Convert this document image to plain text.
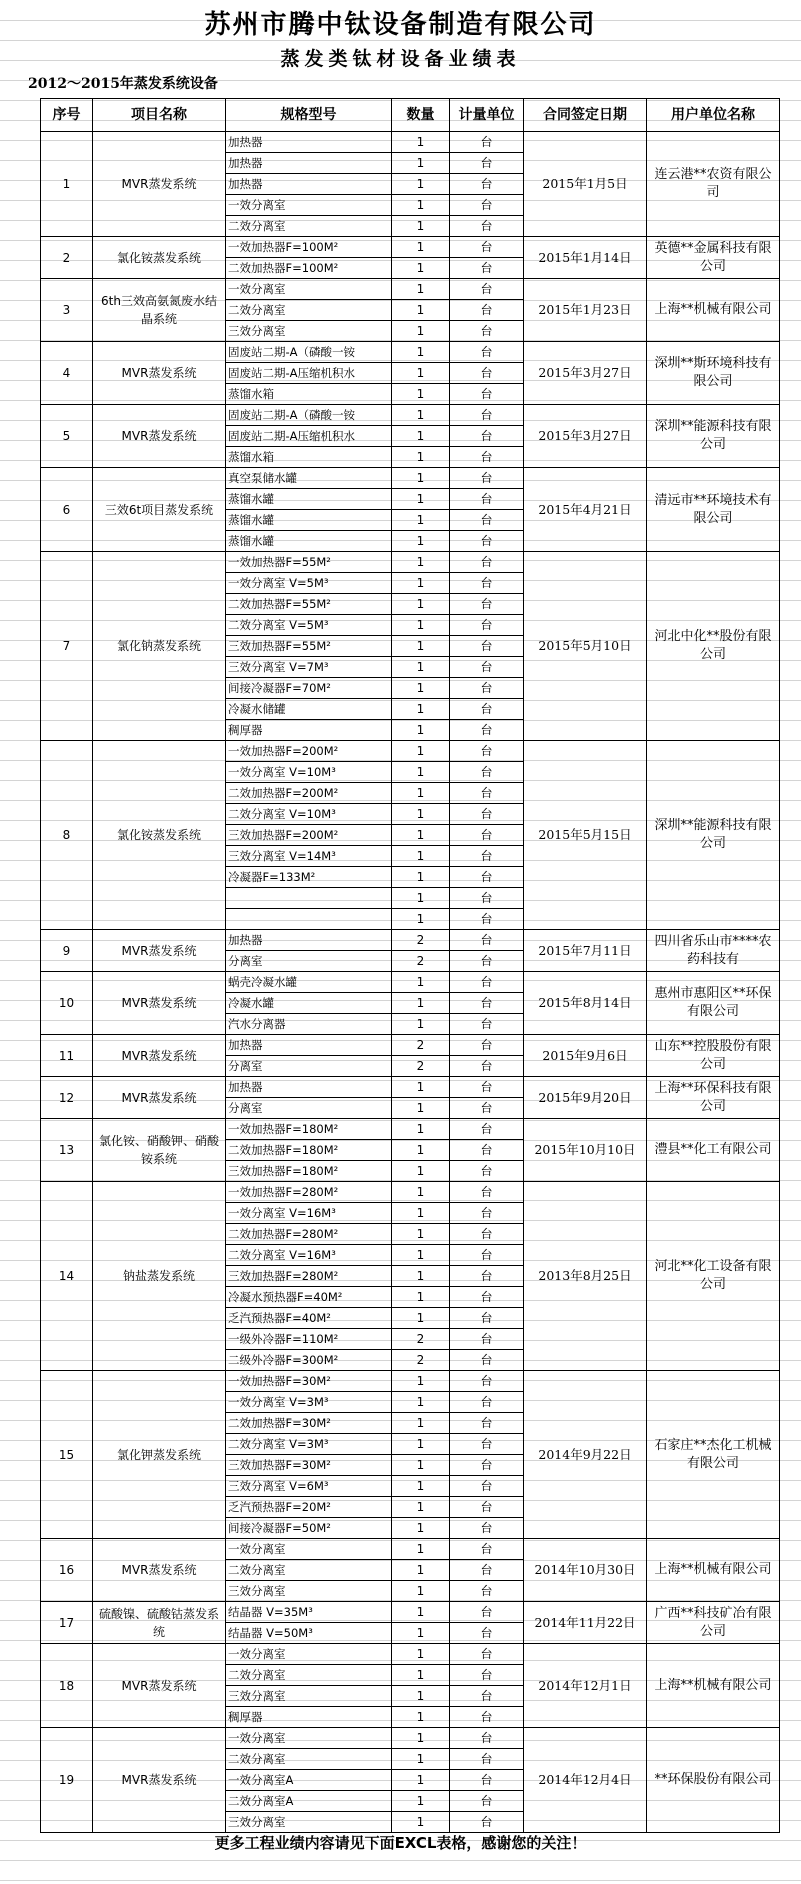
苏州市腾中钛设备制造有限公司
蒸发类钛材设备业绩表
2012～2015年蒸发系统设备
序号	项目名称	规格型号	数量	计量单位	合同签定日期	用户单位名称
1	MVR蒸发系统	加热器	1	台	2015年1月5日	连云港**农资有限公司
		加热器	1	台		
		加热器	1	台		
		一效分离室	1	台		
		二效分离室	1	台		
2	氯化铵蒸发系统	一效加热器F=100M²	1	台	2015年1月14日	英德**金属科技有限公司
		二效加热器F=100M²	1	台		
3	6th三效高氨氮废水结晶系统	一效分离室	1	台	2015年1月23日	上海**机械有限公司
		二效分离室	1	台		
		三效分离室	1	台		
4	MVR蒸发系统	固废站二期-A（磷酸一铵	1	台	2015年3月27日	深圳**斯环境科技有限公司
		固废站二期-A压缩机积水	1	台		
		蒸馏水箱	1	台		
5	MVR蒸发系统	固废站二期-A（磷酸一铵	1	台	2015年3月27日	深圳**能源科技有限公司
		固废站二期-A压缩机积水	1	台		
		蒸馏水箱	1	台		
6	三效6t项目蒸发系统	真空泵储水罐	1	台	2015年4月21日	清远市**环境技术有限公司
		蒸馏水罐	1	台		
		蒸馏水罐	1	台		
		蒸馏水罐	1	台		
7	氯化钠蒸发系统	一效加热器F=55M²	1	台	2015年5月10日	河北中化**股份有限公司
		一效分离室 V=5M³	1	台		
		二效加热器F=55M²	1	台		
		二效分离室 V=5M³	1	台		
		三效加热器F=55M²	1	台		
		三效分离室 V=7M³	1	台		
		间接冷凝器F=70M²	1	台		
		冷凝水储罐	1	台		
		稠厚器	1	台		
8	氯化铵蒸发系统	一效加热器F=200M²	1	台	2015年5月15日	深圳**能源科技有限公司
		一效分离室 V=10M³	1	台		
		二效加热器F=200M²	1	台		
		二效分离室 V=10M³	1	台		
		三效加热器F=200M²	1	台		
		三效分离室 V=14M³	1	台		
		冷凝器F=133M²	1	台		
			1	台		
			1	台		
9	MVR蒸发系统	加热器	2	台	2015年7月11日	四川省乐山市****农药科技有
		分离室	2	台		
10	MVR蒸发系统	蜗壳冷凝水罐	1	台	2015年8月14日	惠州市惠阳区**环保有限公司
		冷凝水罐	1	台		
		汽水分离器	1	台		
11	MVR蒸发系统	加热器	2	台	2015年9月6日	山东**控股股份有限公司
		分离室	2	台		
12	MVR蒸发系统	加热器	1	台	2015年9月20日	上海**环保科技有限公司
		分离室	1	台		
13	氯化铵、硝酸钾、硝酸铵系统	一效加热器F=180M²	1	台	2015年10月10日	澧县**化工有限公司
		二效加热器F=180M²	1	台		
		三效加热器F=180M²	1	台		
14	钠盐蒸发系统	一效加热器F=280M²	1	台	2013年8月25日	河北**化工设备有限公司
		一效分离室 V=16M³	1	台		
		二效加热器F=280M²	1	台		
		二效分离室 V=16M³	1	台		
		三效加热器F=280M²	1	台		
		冷凝水预热器F=40M²	1	台		
		乏汽预热器F=40M²	1	台		
		一级外冷器F=110M²	2	台		
		二级外冷器F=300M²	2	台		
15	氯化钾蒸发系统	一效加热器F=30M²	1	台	2014年9月22日	石家庄**杰化工机械有限公司
		一效分离室 V=3M³	1	台		
		二效加热器F=30M²	1	台		
		二效分离室 V=3M³	1	台		
		三效加热器F=30M²	1	台		
		三效分离室 V=6M³	1	台		
		乏汽预热器F=20M²	1	台		
		间接冷凝器F=50M²	1	台		
16	MVR蒸发系统	一效分离室	1	台	2014年10月30日	上海**机械有限公司
		二效分离室	1	台		
		三效分离室	1	台		
17	硫酸镍、硫酸钴蒸发系统	结晶器 V=35M³	1	台	2014年11月22日	广西**科技矿冶有限公司
		结晶器 V=50M³	1	台		
18	MVR蒸发系统	一效分离室	1	台	2014年12月1日	上海**机械有限公司
		二效分离室	1	台		
		三效分离室	1	台		
		稠厚器	1	台		
19	MVR蒸发系统	一效分离室	1	台	2014年12月4日	**环保股份有限公司
		二效分离室	1	台		
		一效分离室A	1	台		
		二效分离室A	1	台		
		三效分离室	1	台		
更多工程业绩内容请见下面EXCL表格，感谢您的关注！
